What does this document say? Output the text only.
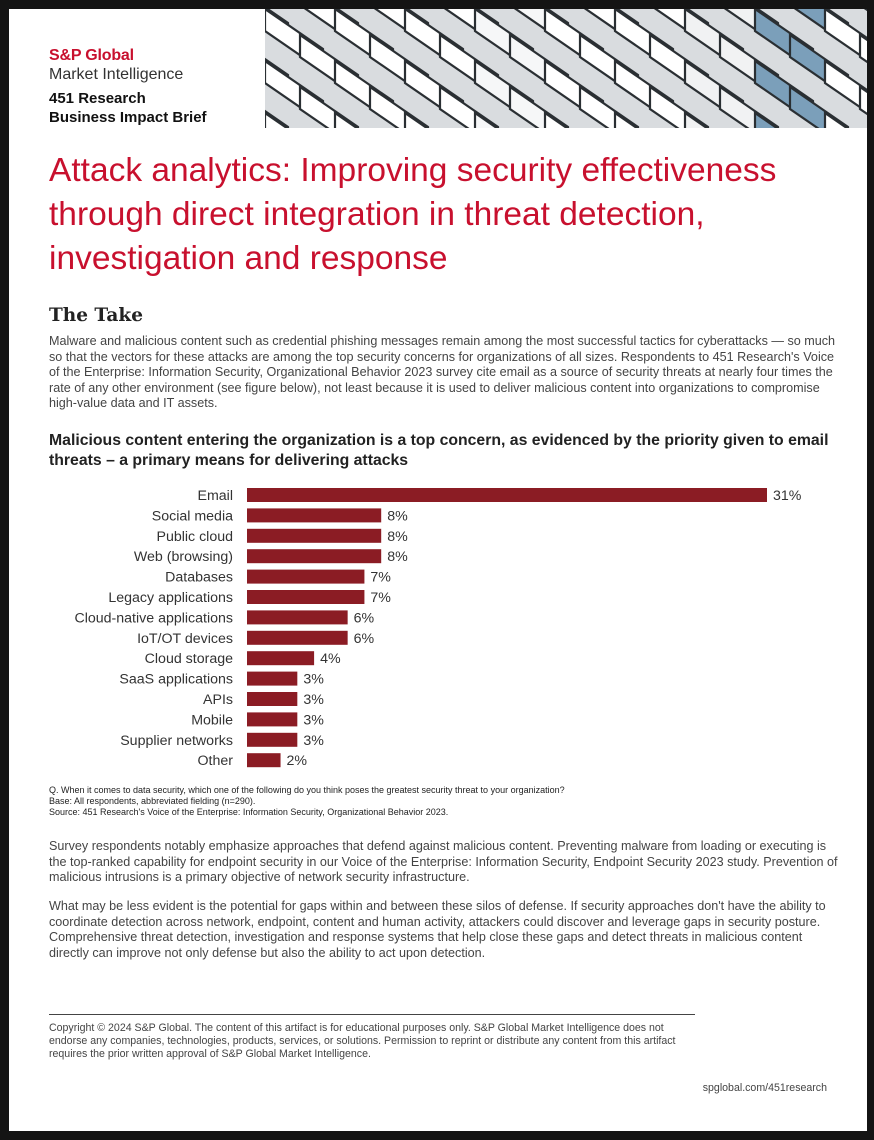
S&P Global
Market Intelligence
451 Research
Business Impact Brief
Attack analytics: Improving security effectiveness through direct integration in threat detection, investigation and response
The Take

Malware and malicious content such as credential phishing messages remain among the most successful tactics for cyberattacks — so much so that the vectors for these attacks are among the top security concerns for organizations of all sizes. Respondents to 451 Research's Voice of the Enterprise: Information Security, Organizational Behavior 2023 survey cite email as a source of security threats at nearly four times the rate of any other environment (see figure below), not least because it is used to deliver malicious content into organizations to compromise high-value data and IT assets.

Malicious content entering the organization is a top concern, as evidenced by the priority given to email threats – a primary means for delivering attacks
Email	31%
Social media	8%
Public cloud	8%
Web (browsing)	8%
Databases	7%
Legacy applications	7%
Cloud-native applications	6%
IoT/OT devices	6%
Cloud storage	4%
SaaS applications	3%
APIs	3%
Mobile	3%
Supplier networks	3%
Other	2%
Q. When it comes to data security, which one of the following do you think poses the greatest security threat to your organization?
Base: All respondents, abbreviated fielding (n=290).
Source: 451 Research's Voice of the Enterprise: Information Security, Organizational Behavior 2023.

Survey respondents notably emphasize approaches that defend against malicious content. Preventing malware from loading or executing is the top-ranked capability for endpoint security in our Voice of the Enterprise: Information Security, Endpoint Security 2023 study. Prevention of malicious intrusions is a primary objective of network security infrastructure.

What may be less evident is the potential for gaps within and between these silos of defense. If security approaches don't have the ability to coordinate detection across network, endpoint, content and human activity, attackers could discover and leverage gaps in security posture. Comprehensive threat detection, investigation and response systems that help close these gaps and detect threats in malicious content directly can improve not only defense but also the ability to act upon detection.

Copyright © 2024 S&P Global. The content of this artifact is for educational purposes only. S&P Global Market Intelligence does not endorse any companies, technologies, products, services, or solutions. Permission to reprint or distribute any content from this artifact requires the prior written approval of S&P Global Market Intelligence.

spglobal.com/451research
